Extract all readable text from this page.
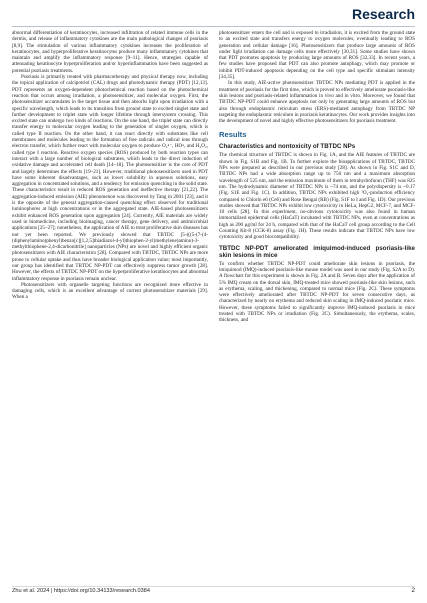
Research

abnormal differentiation of keratinocytes, increased infiltration of related immune cells in the dermis, and release of inflammatory cytokines are the main pathological changes of psoriasis [8,9]. The stimulation of various inflammatory cytokines increases the proliferation of keratinocytes, and hyperproliferative keratinocytes produce many inflammatory cytokines that maintain and amplify the inflammatory response [9–11]. Hence, strategies capable of attenuating keratinocyte hyperproliferation and/or hyperinflammation have been suggested as potential psoriasis treatments.

Psoriasis is primarily treated with pharmacotherapy and physical therapy now, including the topical application of calcipotriol (CAL) drugs and photodynamic therapy (PDT) [12,13]. PDT represents an oxygen-dependent photochemical reaction based on the photochemical reaction that occurs among irradiation, a photosensitizer, and molecular oxygen. First, the photosensitizer accumulates in the target tissue and then absorbs light upon irradiation with a specific wavelength, which leads to its transition from ground state to excited singlet state and further development to triplet state with longer lifetime through intersystem crossing. This excited state can undergo two kinds of reactions. On the one hand, the triplet state can directly transfer energy to molecular oxygen leading to the generation of singlet oxygen, which is called type II reaction. On the other hand, it can react directly with substrates like cell membranes and molecules leading to the formation of free radicals and radical ions through electron transfer, which further react with molecular oxygen to produce O₂•⁻, HO•, and H₂O₂, called type I reaction. Reactive oxygen species (ROS) produced by both reaction types can interact with a large number of biological substrates, which leads to the direct induction of oxidative damage and accelerated cell death [14–18]. The photosensitizer is the core of PDT and largely determines the effects [19–21]. However, traditional photosensitizers used in PDT have some inherent disadvantages, such as lower solubility in aqueous solutions, easy aggregation in concentrated solutions, and a tendency for emission quenching in the solid state. These characteristics result in reduced ROS generation and ineffective therapy [21,22]. The aggregation-induced emission (AIE) phenomenon was discovered by Tang in 2001 [23], and it is the opposite of the general aggregation-caused quenching effect observed for traditional luminophores at high concentrations or in the aggregated state. AIE-based photosensitizers exhibit enhanced ROS generation upon aggregation [24]. Currently, AIE materials are widely used in biomedicine, including bioimaging, cancer therapy, gene delivery, and antimicrobial applications [25–27]; nonetheless, the application of AIE to treat proliferative skin diseases has not yet been reported. We previously showed that TBTDC [5-(((5-(7-(4-(diphenylamino)phenyl)benzo[c][1,2,5]thiadiazol-4-yl)thiophen-2-yl)methylene)amino)-3-methylthiophene-2,4-dicarbonitrile] nanoparticles (NPs) are novel and highly efficient organic photosensitizers with AIE characteristics [28]. Compared with TBTDC, TBTDC NPs are more prone to cellular uptake and thus have broader biological application value; most importantly, our group has identified that TBTDC NP-PDT can effectively suppress tumor growth [28]. However, the effects of TBTDC NP-PDT on the hyperproliferative keratinocytes and abnormal inflammatory response in psoriasis remain unclear.

Photosensitizers with organelle targeting functions are recognized more effective in damaging cells, which is an excellent advantage of current photosensitizer materials [29]. When a

photosensitizer enters the cell and is exposed to irradiation, it is excited from the ground state to an excited state and transfers energy to oxygen molecules, eventually leading to ROS generation and cellular damage [16]. Photosensitizers that produce large amounts of ROS under light irradiation can damage cells more effectively [30,31]. Some studies have shown that PDT promotes apoptosis by producing large amounts of ROS [32,33]. In recent years, a few studies have proposed that PDT can also promote autophagy, which may promote or inhibit PDT-induced apoptosis depending on the cell type and specific stimulant intensity [34,35].

In this study, AIE-active photosensitizer TBTDC NPs mediating PDT is applied in the treatment of psoriasis for the first time, which is proved to effectively ameliorate psoriasis-like skin lesions and psoriasis-related inflammation in vivo and in vitro. Moreover, we found that TBTDC NP-PDT could enhance apoptosis not only by generating large amounts of ROS but also through endoplasmic reticulum stress (ERS)-mediated autophagy from TBTDC NP targeting the endoplasmic reticulum in psoriasis keratinocytes. Our work provides insights into the development of novel and highly effective photosensitizers for psoriasis treatment.

Results
Characteristics and nontoxicity of TBTDC NPs

The chemical structure of TBTDC is shown in Fig. 1A, and the AIE features of TBTDC are shown in Fig. S1B and Fig. 1B. To further explore the bioapplications of TBTDC, TBTDC NPs were prepared as described in our previous study [28]. As shown in Fig. S1C and D, TBTDC NPs had a wide absorption range up to 750 nm and a maximum absorption wavelength of 525 nm, and the emission maximum of them in tetrahydrofuran (THF) was 825 nm. The hydrodynamic diameter of TBTDC NPs is ~74 nm, and the polydispersity is ~0.17 (Fig. S1E and Fig. 1C). In addition, TBTDC NPs exhibited high ¹O₂-production efficiency compared to Chlorin e6 (Ce6) and Rose Bengal (RB) (Fig. S1F to I and Fig. 1D). Our previous studies showed that TBTDC NPs exhibit low cytotoxicity in HeLa, HepG2, MCF-7, and MCF-10 cells [28]. In this experiment, no-obvious cytotoxicity was also found in human immortalized epidermal cells (HaCaT) incubated with TBTDC NPs, even at concentrations as high as 200 μg/ml for 24 h, compared with that of the HaCaT cell group according to the Cell Counting Kit-8 (CCK-8) assay (Fig. 1H). These results indicate that TBTDC NPs have low cytotoxicity and good biocompatibility.

TBTDC NP-PDT ameliorated imiquimod-induced psoriasis-like skin lesions in mice

To confirm whether TBTDC NP-PDT could ameliorate skin lesions in psoriasis, the imiquimod (IMQ)-induced psoriasis-like mouse model was used in our study (Fig. S2A to D). A flowchart for this experiment is shown in Fig. 2A and B. Seven days after the application of 5% IMQ cream on the dorsal skin, IMQ-treated mice showed psoriasis-like skin lesions, such as erythema, scaling, and thickening, compared to normal mice (Fig. 2C). These symptoms were effectively ameliorated after TBTDC NP-PDT for seven consecutive days, as characterized by nearly no erythema and reduced skin scaling in IMQ-induced psoriatic mice. However, these symptoms failed to significantly improve IMQ-induced psoriasis in mice treated with TBTDC NPs or irradiation (Fig. 2C). Simultaneously, the erythema, scales, thickness, and

Zhu et al. 2024 | https://doi.org/10.34133/research.0384	2
